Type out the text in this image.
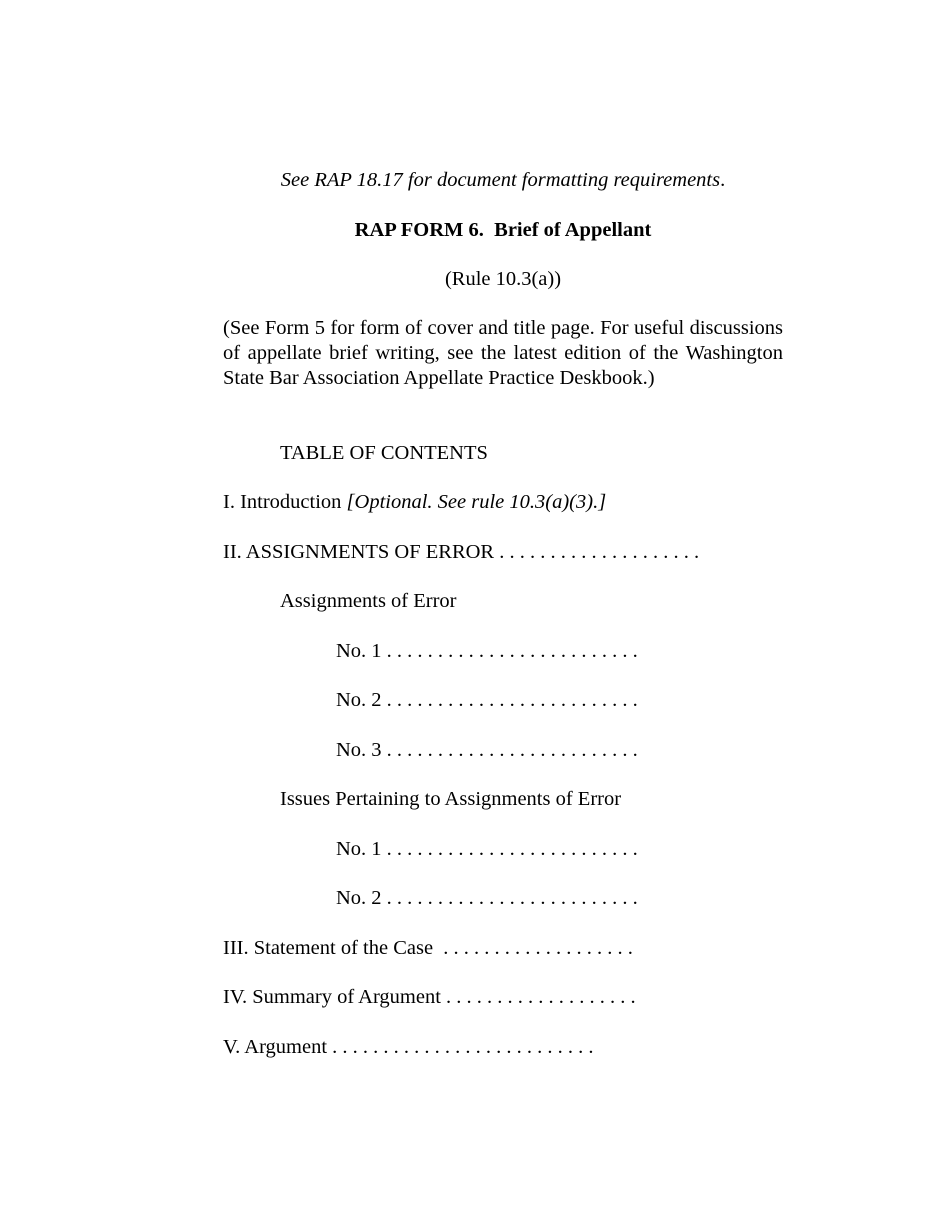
See RAP 18.17 for document formatting requirements.
RAP FORM 6.  Brief of Appellant
(Rule 10.3(a))
(See Form 5 for form of cover and title page. For useful discussions of appellate brief writing, see the latest edition of the Washington State Bar Association Appellate Practice Deskbook.)
TABLE OF CONTENTS
I. Introduction [Optional. See rule 10.3(a)(3).]
II. ASSIGNMENTS OF ERROR . . . . . . . . . . . . . . . . . . . .
Assignments of Error
No. 1 . . . . . . . . . . . . . . . . . . . . . . . . .
No. 2 . . . . . . . . . . . . . . . . . . . . . . . . .
No. 3 . . . . . . . . . . . . . . . . . . . . . . . . .
Issues Pertaining to Assignments of Error
No. 1 . . . . . . . . . . . . . . . . . . . . . . . . .
No. 2 . . . . . . . . . . . . . . . . . . . . . . . . .
III. Statement of the Case  . . . . . . . . . . . . . . . . . . .
IV. Summary of Argument . . . . . . . . . . . . . . . . . . .
V. Argument . . . . . . . . . . . . . . . . . . . . . . . . . .
